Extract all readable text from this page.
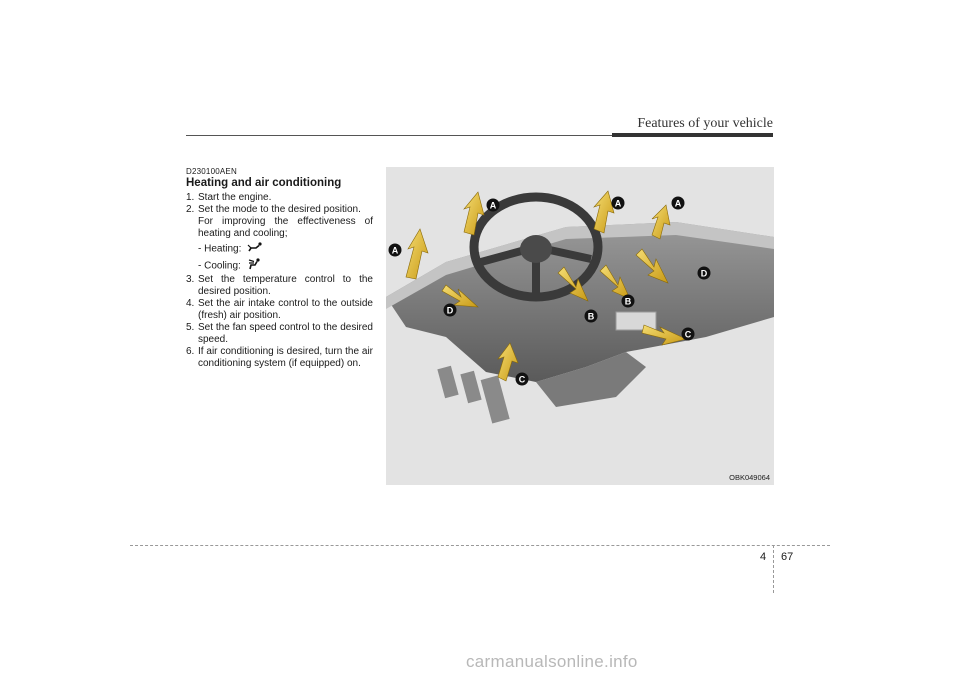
Features of your vehicle
D230100AEN
Heating and air conditioning
1. Start the engine.
2. Set the mode to the desired position.
For improving the effectiveness of heating and cooling;
- Heating:
- Cooling:
3. Set the temperature control to the desired position.
4. Set the air intake control to the outside (fresh) air position.
5. Set the fan speed control to the desired speed.
6. If air conditioning is desired, turn the air conditioning system (if equipped) on.
A
A	A	A
D
D
B
B
C
C
OBK049064
4 67
carmanualsonline.info
